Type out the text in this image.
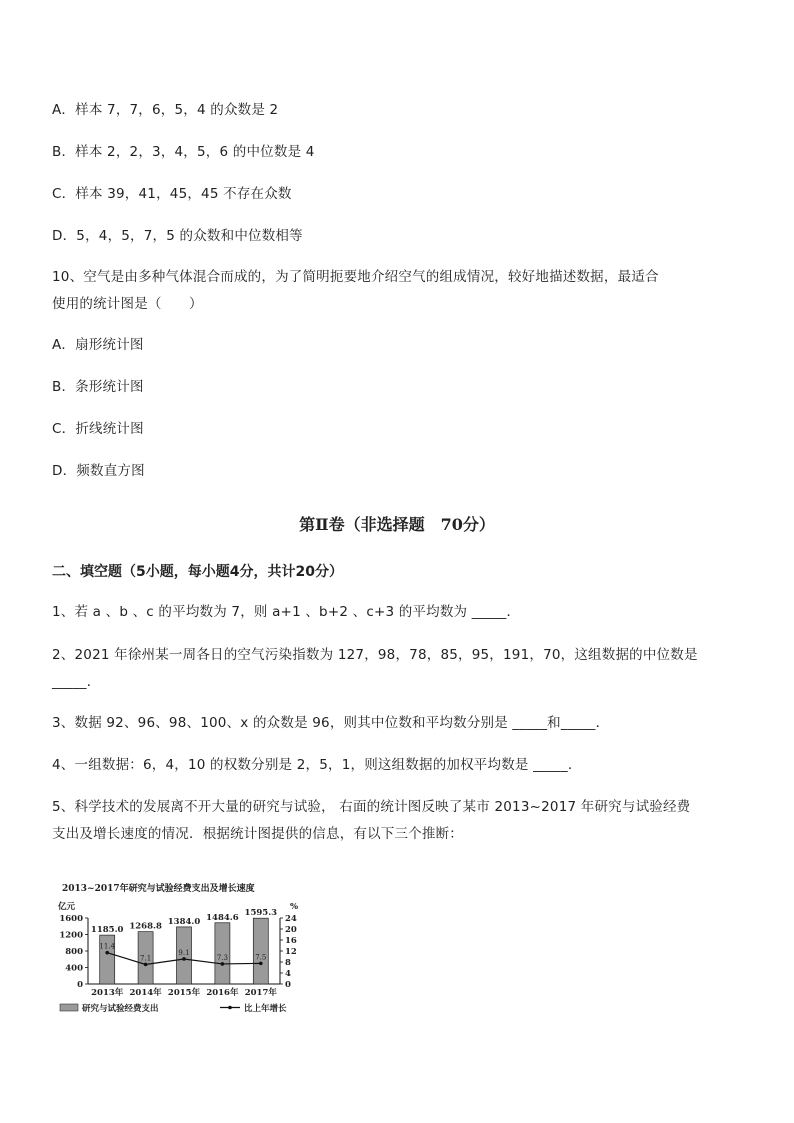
A．样本 7，7，6，5，4 的众数是 2
B．样本 2，2，3，4，5，6 的中位数是 4
C．样本 39，41，45，45 不存在众数
D．5，4，5，7，5 的众数和中位数相等
10、空气是由多种气体混合而成的，为了简明扼要地介绍空气的组成情况，较好地描述数据，最适合
使用的统计图是（　　）
A．扇形统计图
B．条形统计图
C．折线统计图
D．频数直方图
第Ⅱ卷（非选择题　70分）
二、填空题（5小题，每小题4分，共计20分）
1、若 a 、b 、c 的平均数为 7，则 a+1 、b+2 、c+3 的平均数为 _____．
2、2021 年徐州某一周各日的空气污染指数为 127，98，78，85，95，191，70，这组数据的中位数是
_____．
3、数据 92、96、98、100、x 的众数是 96，则其中位数和平均数分别是 _____和_____．
4、一组数据：6，4，10 的权数分别是 2，5，1，则这组数据的加权平均数是 _____．
5、科学技术的发展离不开大量的研究与试验， 右面的统计图反映了某市 2013~2017 年研究与试验经费
支出及增长速度的情况．根据统计图提供的信息，有以下三个推断：
2013~2017年研究与试验经费支出及增长速度
亿元	%
0
400
800
1200
1600
0
4
8
12
16
20
24
1185.0
2013年
1268.8
2014年
1384.0
2015年
1484.6
2016年
1595.3
2017年
11.4
7.1
9.1
7.3	7.5
研究与试验经费支出	比上年增长
